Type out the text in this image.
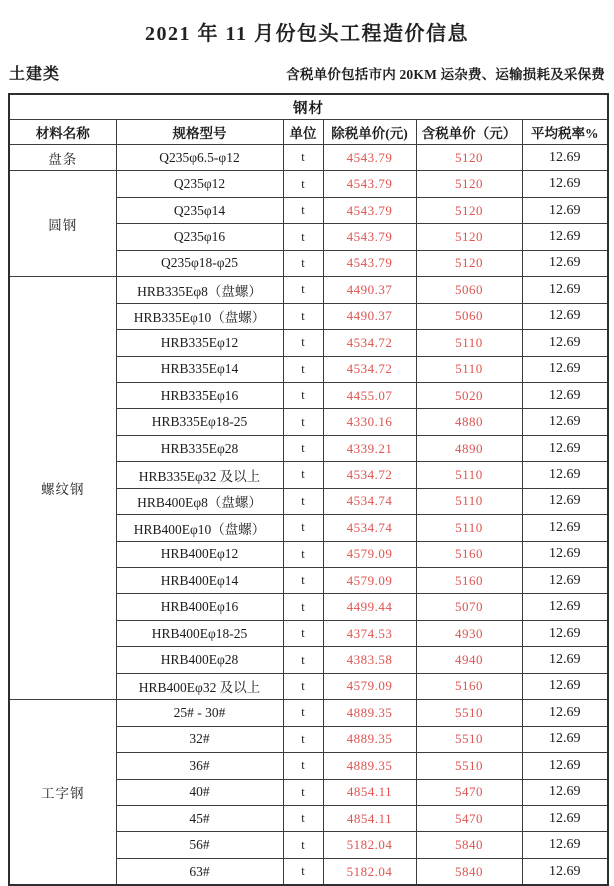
2021 年 11 月份包头工程造价信息
土建类	含税单价包括市内 20KM 运杂费、运输损耗及采保费
钢材					
材料名称	规格型号	单位	除税单价(元)	含税单价（元）	平均税率%
盘条	Q235φ6.5-φ12	t	4543.79	5120	12.69
圆钢	Q235φ12	t	4543.79	5120	12.69
	Q235φ14	t	4543.79	5120	12.69
	Q235φ16	t	4543.79	5120	12.69
	Q235φ18-φ25	t	4543.79	5120	12.69
螺纹钢	HRB335Eφ8（盘螺）	t	4490.37	5060	12.69
	HRB335Eφ10（盘螺）	t	4490.37	5060	12.69
	HRB335Eφ12	t	4534.72	5110	12.69
	HRB335Eφ14	t	4534.72	5110	12.69
	HRB335Eφ16	t	4455.07	5020	12.69
	HRB335Eφ18-25	t	4330.16	4880	12.69
	HRB335Eφ28	t	4339.21	4890	12.69
	HRB335Eφ32 及以上	t	4534.72	5110	12.69
	HRB400Eφ8（盘螺）	t	4534.74	5110	12.69
	HRB400Eφ10（盘螺）	t	4534.74	5110	12.69
	HRB400Eφ12	t	4579.09	5160	12.69
	HRB400Eφ14	t	4579.09	5160	12.69
	HRB400Eφ16	t	4499.44	5070	12.69
	HRB400Eφ18-25	t	4374.53	4930	12.69
	HRB400Eφ28	t	4383.58	4940	12.69
	HRB400Eφ32 及以上	t	4579.09	5160	12.69
工字钢	25# - 30#	t	4889.35	5510	12.69
	32#	t	4889.35	5510	12.69
	36#	t	4889.35	5510	12.69
	40#	t	4854.11	5470	12.69
	45#	t	4854.11	5470	12.69
	56#	t	5182.04	5840	12.69
	63#	t	5182.04	5840	12.69
